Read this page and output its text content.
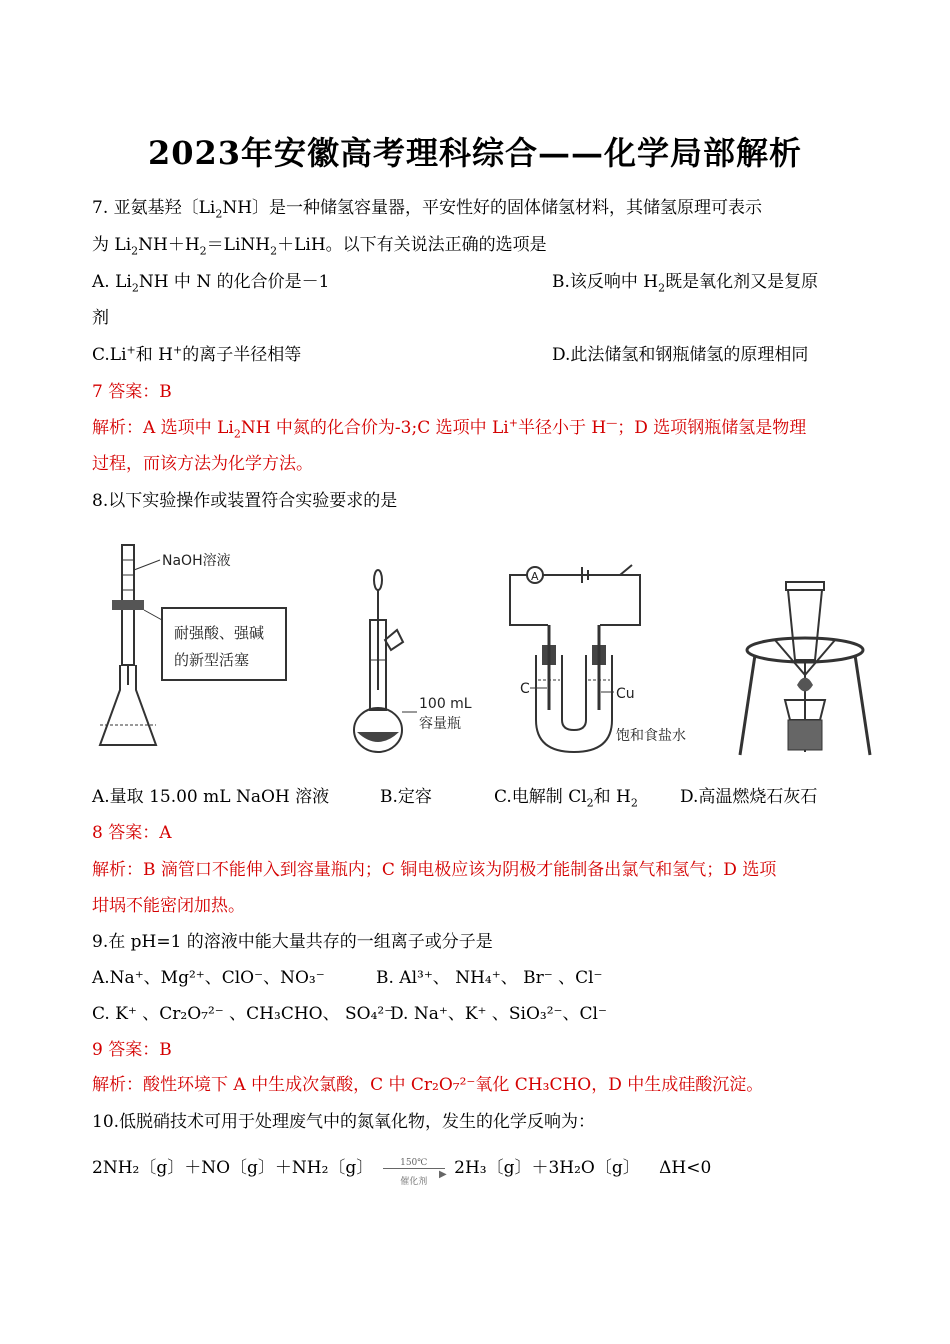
2023年安徽高考理科综合——化学局部解析
7. 亚氨基羟〔$Li_2NH$〕是一种储氢容量器，平安性好的固体储氢材料，其储氢原理可表示
为 $Li_2NH+H_2=LiNH_2+LiH$。以下有关说法正确的选项是
A. $Li_2NH$ 中 N 的化合价是－1	B.该反响中 $H_2$既是氧化剂又是复原
剂
C.Li+和 H+的离子半径相等	D.此法储氢和钢瓶储氢的原理相同
7 答案：B
解析：A 选项中 $Li_2NH$ 中氮的化合价为-3;C 选项中 Li+半径小于 H—；D 选项钢瓶储氢是物理
过程，而该方法为化学方法。
8.以下实验操作或装置符合实验要求的是
NaOH溶液
耐强酸、强碱
的新型活塞
100 mL
容量瓶
A
C	Cu
饱和食盐水
A.量取 15.00 mL NaOH 溶液	B.定容	C.电解制 $Cl_2$和 $H_2$ D.高温燃烧石灰石
8 答案：A
解析：B 滴管口不能伸入到容量瓶内；C 铜电极应该为阴极才能制备出氯气和氢气；D 选项
坩埚不能密闭加热。
9.在 pH=1 的溶液中能大量共存的一组离子或分子是
A.Na⁺、Mg²⁺、ClO⁻、NO₃⁻	B. Al³⁺、 NH₄⁺、 Br⁻ 、Cl⁻
C. K⁺ 、Cr₂O₇²⁻ 、CH₃CHO、 SO₄²⁻
D. Na⁺、K⁺ 、SiO₃²⁻、Cl⁻
9 答案：B
解析：酸性环境下 A 中生成次氯酸，C 中 Cr₂O₇²⁻氧化 CH₃CHO，D 中生成硅酸沉淀。
10.低脱硝技术可用于处理废气中的氮氧化物，发生的化学反响为：
2NH₂〔g〕＋NO〔g〕＋NH₂〔g〕	150℃
▶
催化剂
2H₃〔g〕＋3H₂O〔g〕 ΔH<0
